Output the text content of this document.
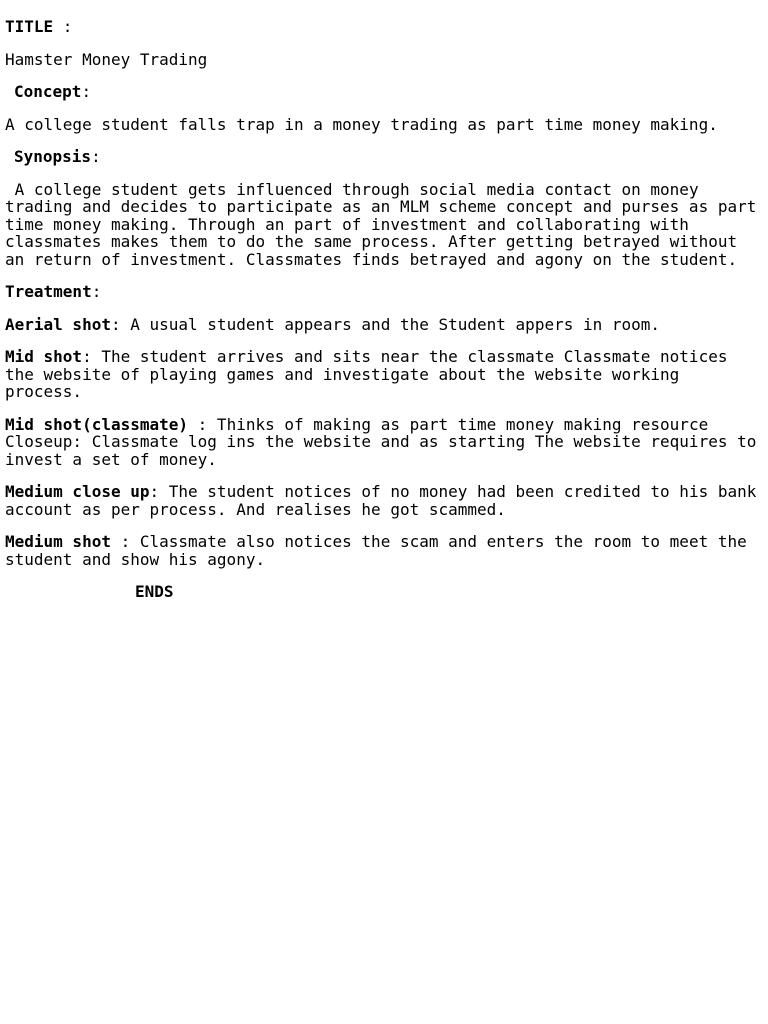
TITLE :

Hamster Money Trading

Concept:

A college student falls trap in a money trading as part time money making.

Synopsis:

A college student gets influenced through social media contact on money trading and decides to participate as an MLM scheme concept and purses as part time money making. Through an part of investment and collaborating with classmates makes them to do the same process. After getting betrayed without an return of investment. Classmates finds betrayed and agony on the student.

Treatment:

Aerial shot: A usual student appears and the Student appers in room.

Mid shot: The student arrives and sits near the classmate Classmate notices the website of playing games and investigate about the website working process.

Mid shot(classmate) : Thinks of making as part time money making resource Closeup: Classmate log ins the website and as starting The website requires to invest a set of money.

Medium close up: The student notices of no money had been credited to his bank account as per process. And realises he got scammed.

Medium shot : Classmate also notices the scam and enters the room to meet the student and show his agony.

ENDS
